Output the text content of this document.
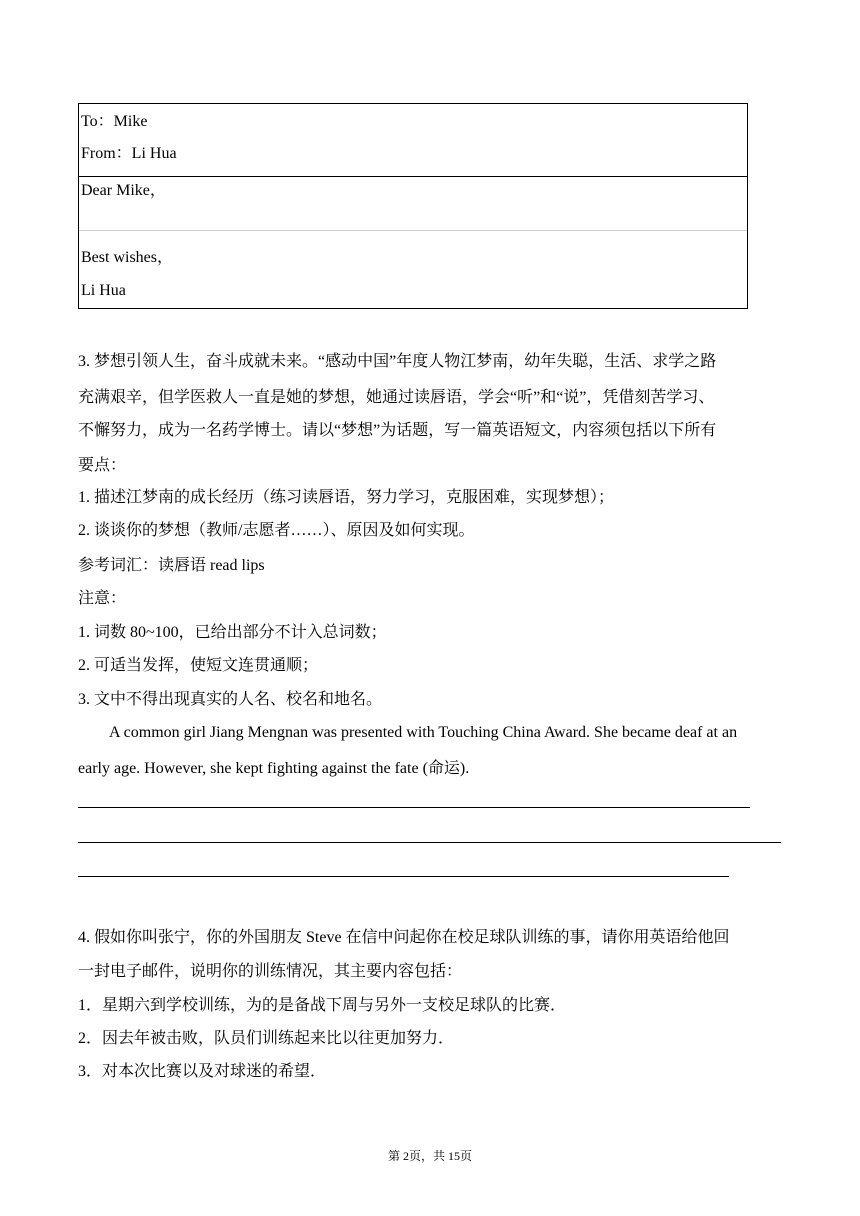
To：Mike
From：Li Hua
Dear Mike，
Best wishes，
Li Hua
3. 梦想引领人生，奋斗成就未来。“感动中国”年度人物江梦南，幼年失聪，生活、求学之路
充满艰辛，但学医救人一直是她的梦想，她通过读唇语，学会“听”和“说”，凭借刻苦学习、
不懈努力，成为一名药学博士。请以“梦想”为话题，写一篇英语短文，内容须包括以下所有
要点：
1. 描述江梦南的成长经历（练习读唇语，努力学习，克服困难，实现梦想）；
2. 谈谈你的梦想（教师/志愿者……）、原因及如何实现。
参考词汇：读唇语 read lips
注意：
1. 词数 80~100，已给出部分不计入总词数；
2. 可适当发挥，使短文连贯通顺；
3. 文中不得出现真实的人名、校名和地名。
A common girl Jiang Mengnan was presented with Touching China Award. She became deaf at an
early age. However, she kept fighting against the fate (命运).
4. 假如你叫张宁，你的外国朋友 Steve 在信中问起你在校足球队训练的事，请你用英语给他回
一封电子邮件，说明你的训练情况，其主要内容包括：
1．星期六到学校训练，为的是备战下周与另外一支校足球队的比赛．
2．因去年被击败，队员们训练起来比以往更加努力．
3．对本次比赛以及对球迷的希望．
第 2页，共 15页
